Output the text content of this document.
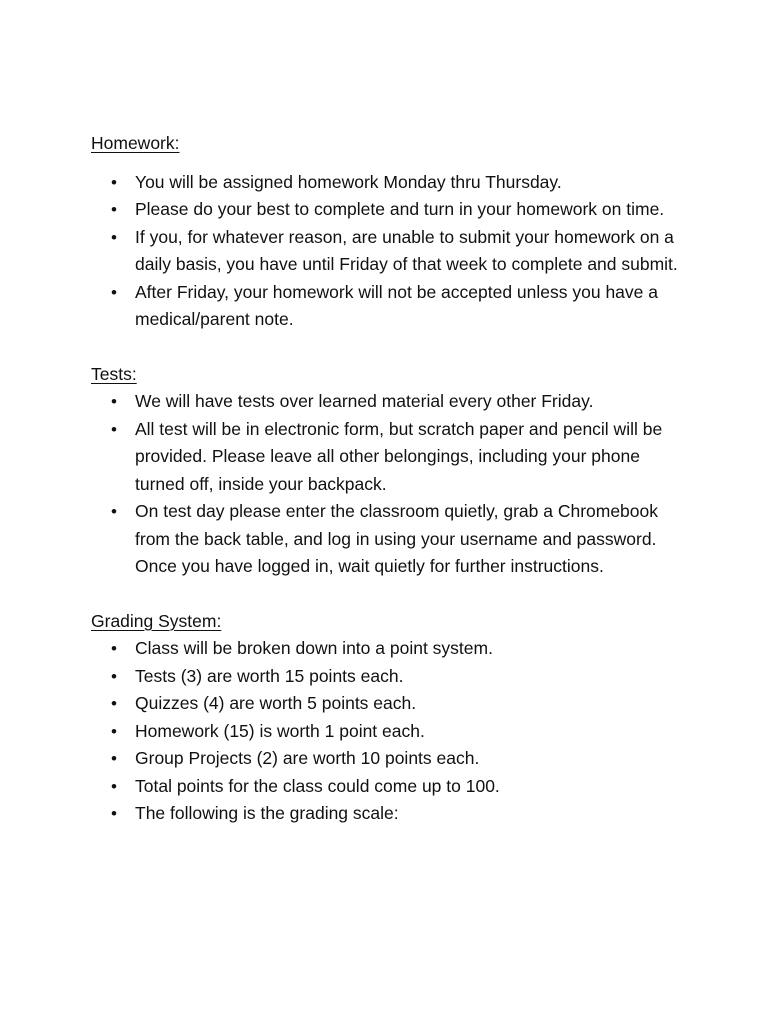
Homework:
• You will be assigned homework Monday thru Thursday.
• Please do your best to complete and turn in your homework on time.
• If you, for whatever reason, are unable to submit your homework on a daily basis, you have until Friday of that week to complete and submit.
• After Friday, your homework will not be accepted unless you have a medical/parent note.
Tests:
• We will have tests over learned material every other Friday.
• All test will be in electronic form, but scratch paper and pencil will be provided. Please leave all other belongings, including your phone turned off, inside your backpack.
• On test day please enter the classroom quietly, grab a Chromebook from the back table, and log in using your username and password. Once you have logged in, wait quietly for further instructions.
Grading System:
• Class will be broken down into a point system.
• Tests (3) are worth 15 points each.
• Quizzes (4) are worth 5 points each.
• Homework (15) is worth 1 point each.
• Group Projects (2) are worth 10 points each.
• Total points for the class could come up to 100.
• The following is the grading scale:
